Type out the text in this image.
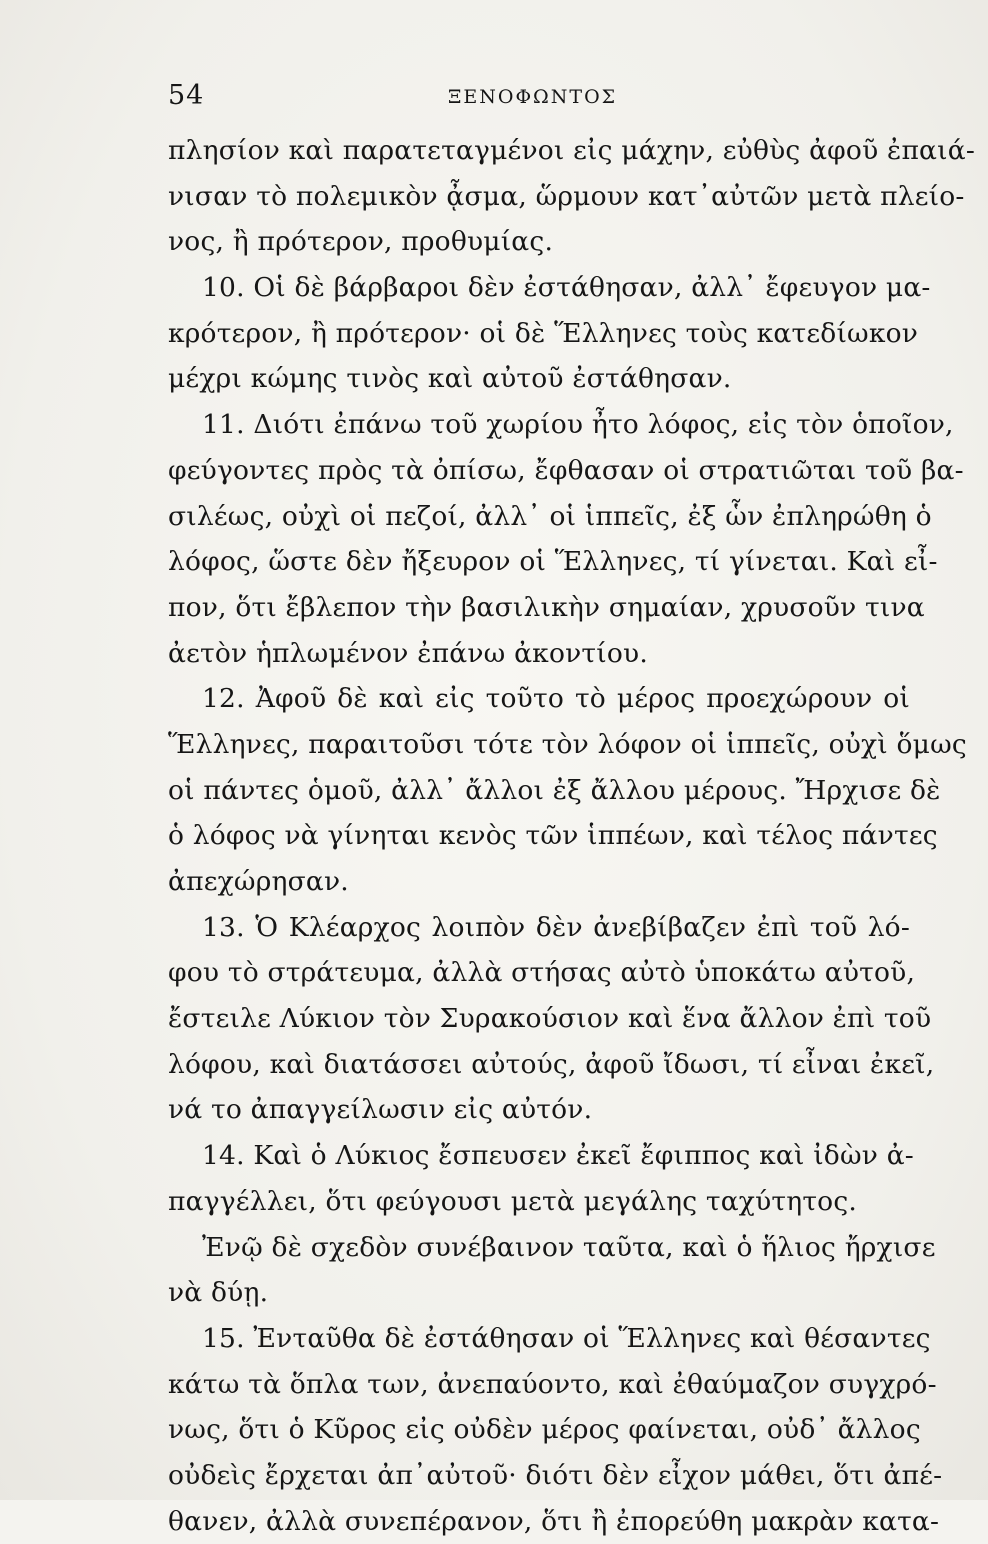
54	ΞΕΝΟΦΩΝΤΟΣ
πλησίον καὶ παρατεταγμένοι εἰς μάχην, εὐθὺς ἀφοῦ ἐπαιά-
νισαν τὸ πολεμικὸν ᾆσμα, ὥρμουν κατ᾽αὐτῶν μετὰ πλείο-
νος, ἢ πρότερον, προθυμίας.
10. Οἱ δὲ βάρβαροι δὲν ἐστάθησαν, ἀλλ᾽ ἔφευγον μα-
κρότερον, ἢ πρότερον· οἱ δὲ Ἕλληνες τοὺς κατεδίωκον
μέχρι κώμης τινὸς καὶ αὐτοῦ ἐστάθησαν.
11. Διότι ἐπάνω τοῦ χωρίου ἦτο λόφος, εἰς τὸν ὁποῖον,
φεύγοντες πρὸς τὰ ὀπίσω, ἔφθασαν οἱ στρατιῶται τοῦ βα-
σιλέως, οὐχὶ οἱ πεζοί, ἀλλ᾽ οἱ ἱππεῖς, ἐξ ὧν ἐπληρώθη ὁ
λόφος, ὥστε δὲν ἤξευρον οἱ Ἕλληνες, τί γίνεται. Καὶ εἶ-
πον, ὅτι ἔβλεπον τὴν βασιλικὴν σημαίαν, χρυσοῦν τινα
ἀετὸν ἡπλωμένον ἐπάνω ἀκοντίου.
12. Ἀφοῦ δὲ καὶ εἰς τοῦτο τὸ μέρος προεχώρουν οἱ
Ἕλληνες, παραιτοῦσι τότε τὸν λόφον οἱ ἱππεῖς, οὐχὶ ὅμως
οἱ πάντες ὁμοῦ, ἀλλ᾽ ἄλλοι ἐξ ἄλλου μέρους. Ἤρχισε δὲ
ὁ λόφος νὰ γίνηται κενὸς τῶν ἱππέων, καὶ τέλος πάντες
ἀπεχώρησαν.
13. Ὁ Κλέαρχος λοιπὸν δὲν ἀνεβίβαζεν ἐπὶ τοῦ λό-
φου τὸ στράτευμα, ἀλλὰ στήσας αὐτὸ ὑποκάτω αὐτοῦ,
ἔστειλε Λύκιον τὸν Συρακούσιον καὶ ἕνα ἄλλον ἐπὶ τοῦ
λόφου, καὶ διατάσσει αὐτούς, ἀφοῦ ἴδωσι, τί εἶναι ἐκεῖ,
νά το ἀπαγγείλωσιν εἰς αὐτόν.
14. Καὶ ὁ Λύκιος ἔσπευσεν ἐκεῖ ἔφιππος καὶ ἰδὼν ἀ-
παγγέλλει, ὅτι φεύγουσι μετὰ μεγάλης ταχύτητος.
Ἐνῷ δὲ σχεδὸν συνέβαινον ταῦτα, καὶ ὁ ἥλιος ἤρχισε
νὰ δύῃ.
15. Ἐνταῦθα δὲ ἐστάθησαν οἱ Ἕλληνες καὶ θέσαντες
κάτω τὰ ὅπλα των, ἀνεπαύοντο, καὶ ἐθαύμαζον συγχρό-
νως, ὅτι ὁ Κῦρος εἰς οὐδὲν μέρος φαίνεται, οὐδ᾽ ἄλλος
οὐδεὶς ἔρχεται ἀπ᾽αὐτοῦ· διότι δὲν εἶχον μάθει, ὅτι ἀπέ-
θανεν, ἀλλὰ συνεπέρανον, ὅτι ἢ ἐπορεύθη μακρὰν κατα-
